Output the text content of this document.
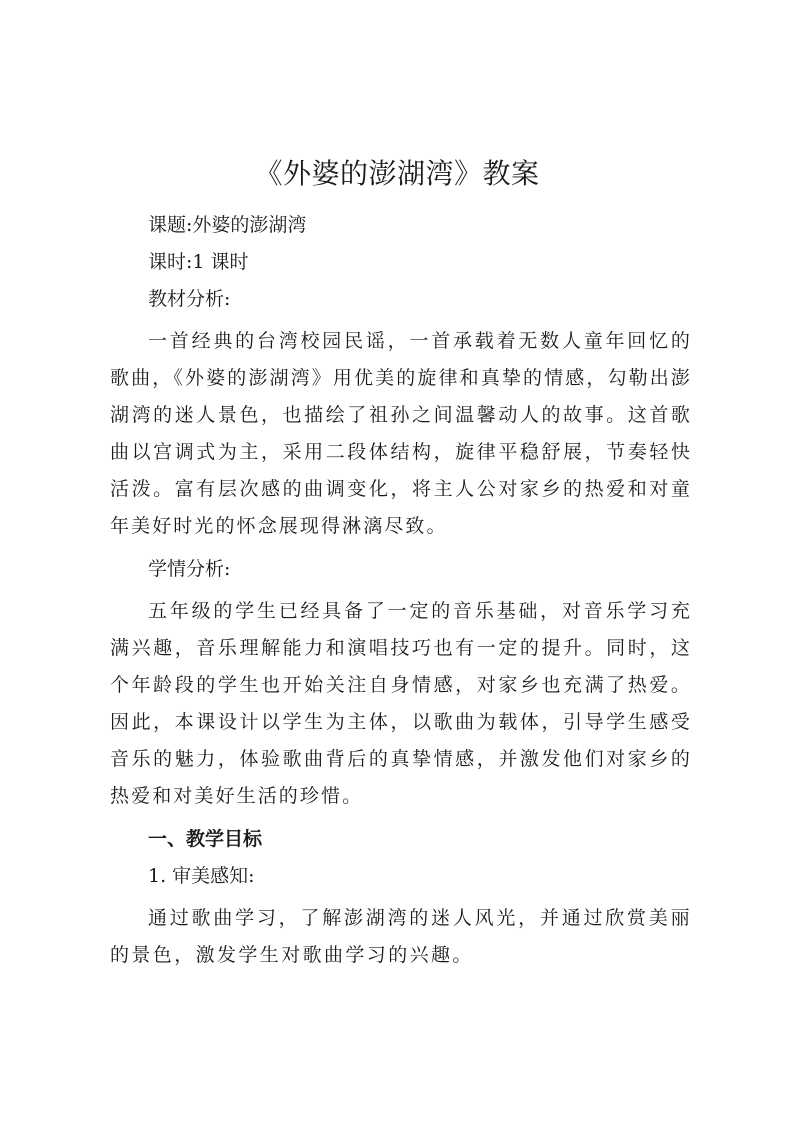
《外婆的澎湖湾》教案

课题:外婆的澎湖湾

课时:1 课时

教材分析:

一首经典的台湾校园民谣，一首承载着无数人童年回忆的歌曲，《外婆的澎湖湾》用优美的旋律和真挚的情感，勾勒出澎湖湾的迷人景色，也描绘了祖孙之间温馨动人的故事。这首歌曲以宫调式为主，采用二段体结构，旋律平稳舒展，节奏轻快活泼。富有层次感的曲调变化，将主人公对家乡的热爱和对童年美好时光的怀念展现得淋漓尽致。

学情分析:

五年级的学生已经具备了一定的音乐基础，对音乐学习充满兴趣，音乐理解能力和演唱技巧也有一定的提升。同时，这个年龄段的学生也开始关注自身情感，对家乡也充满了热爱。因此，本课设计以学生为主体，以歌曲为载体，引导学生感受音乐的魅力，体验歌曲背后的真挚情感，并激发他们对家乡的热爱和对美好生活的珍惜。

一、教学目标

1. 审美感知:

通过歌曲学习，了解澎湖湾的迷人风光，并通过欣赏美丽的景色，激发学生对歌曲学习的兴趣。
